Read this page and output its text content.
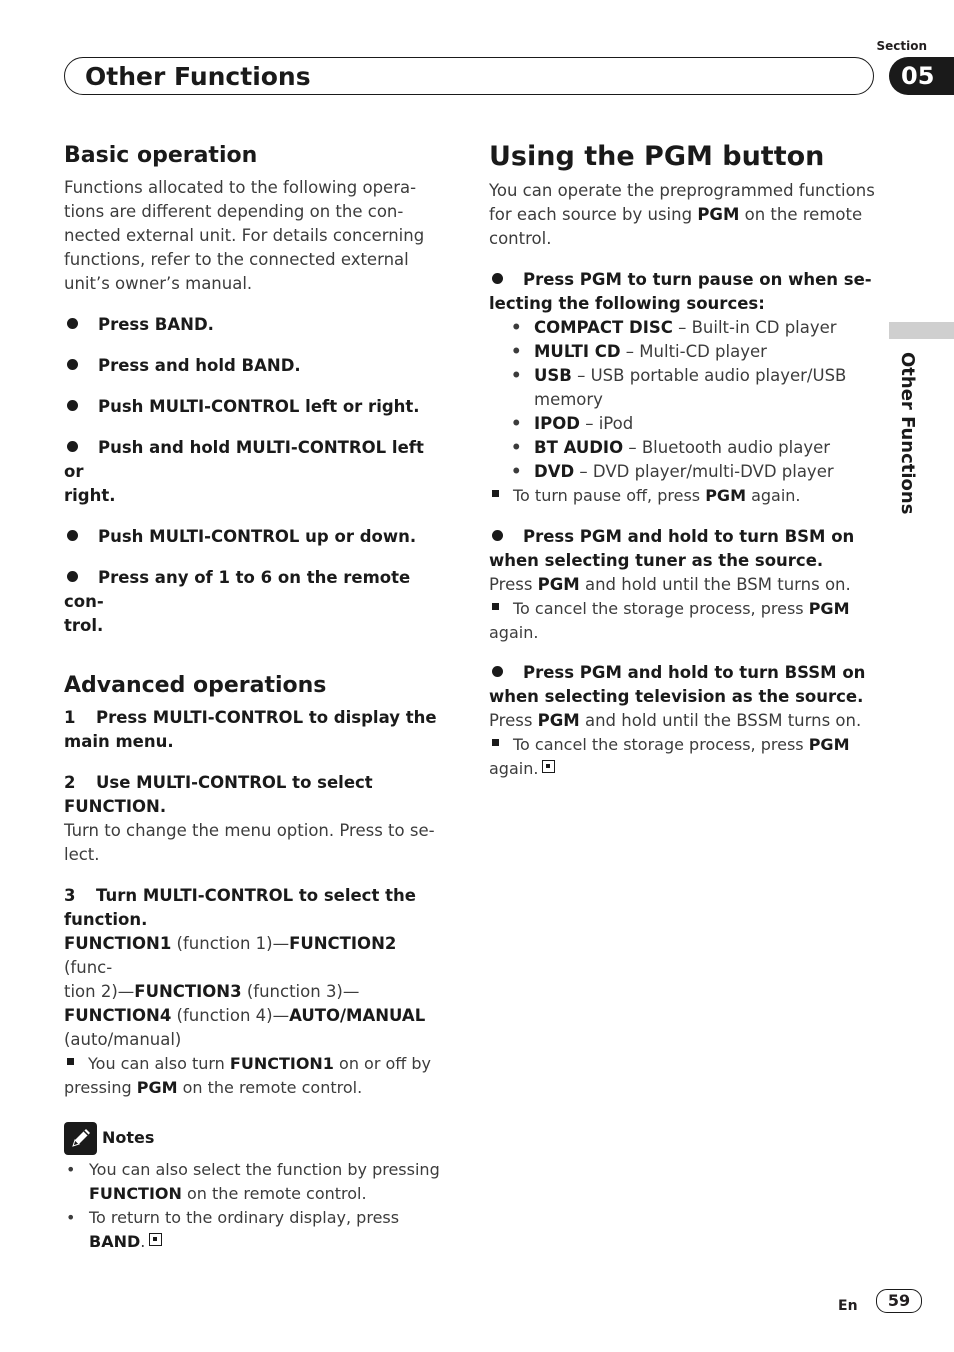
Section
Other Functions	05
Other Functions
Basic operation
Functions allocated to the following opera-
tions are different depending on the con-
nected external unit. For details concerning
functions, refer to the connected external
unit’s owner’s manual.
Press BAND.
Press and hold BAND.
Push MULTI-CONTROL left or right.
Push and hold MULTI-CONTROL left or
right.
Push MULTI-CONTROL up or down.
Press any of 1 to 6 on the remote con-
trol.
Advanced operations
1 Press MULTI-CONTROL to display the
main menu.
2 Use MULTI-CONTROL to select
FUNCTION.
Turn to change the menu option. Press to se-
lect.
3 Turn MULTI-CONTROL to select the
function.
FUNCTION1 (function 1)—FUNCTION2 (func-
tion 2)—FUNCTION3 (function 3)—
FUNCTION4 (function 4)—AUTO/MANUAL
(auto/manual)
You can also turn FUNCTION1 on or off by
pressing PGM on the remote control.
Notes
• You can also select the function by pressing
FUNCTION on the remote control.
• To return to the ordinary display, press
BAND.
Using the PGM button
You can operate the preprogrammed functions
for each source by using PGM on the remote
control.
Press PGM to turn pause on when se-
lecting the following sources:
• COMPACT DISC – Built-in CD player
• MULTI CD – Multi-CD player
• USB – USB portable audio player/USB
memory
• IPOD – iPod
• BT AUDIO – Bluetooth audio player
• DVD – DVD player/multi-DVD player
To turn pause off, press PGM again.
Press PGM and hold to turn BSM on
when selecting tuner as the source.
Press PGM and hold until the BSM turns on.
To cancel the storage process, press PGM
again.
Press PGM and hold to turn BSSM on
when selecting television as the source.
Press PGM and hold until the BSSM turns on.
To cancel the storage process, press PGM
again.
En	59
